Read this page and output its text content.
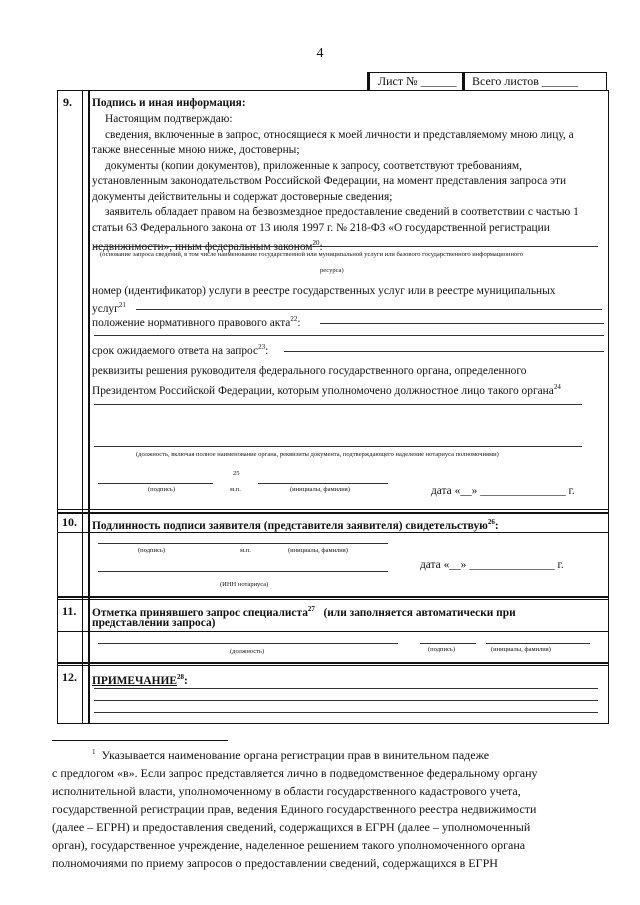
4
Лист № ______ Всего листов ______
9. Подпись и иная информация:
Настоящим подтверждаю:
сведения, включенные в запрос, относящиеся к моей личности и представляемому мною лицу, а
также внесенные мною ниже, достоверны;
документы (копии документов), приложенные к запросу, соответствуют требованиям,
установленным законодательством Российской Федерации, на момент представления запроса эти
документы действительны и содержат достоверные сведения;
заявитель обладает правом на безвозмездное предоставление сведений в соответствии с частью 1
статьи 63 Федерального закона от 13 июля 1997 г. № 218-ФЗ «О государственной регистрации
недвижимости», иным федеральным законом$^{20}$:
(основание запроса сведений, в том числе наименование государственной или муниципальной услуги или базового государственного информационного
ресурса)
номер (идентификатор) услуги в реестре государственных услуг или в реестре муниципальных
услуг$^{21}$
положение нормативного правового акта$^{22}$:
срок ожидаемого ответа на запрос$^{23}$:
реквизиты решения руководителя федерального государственного органа, определенного
Президентом Российской Федерации, которым уполномочено должностное лицо такого органа$^{24}$
(должность, включая полное наименование органа, реквизиты документа, подтверждающего наделение нотариуса полномочиями)
25
(подпись)	м.п.	(инициалы, фамилия)	дата «__» _______________ г.
10. Подлинность подписи заявителя (представителя заявителя) свидетельствую$^{26}$:
(подпись)	м.п.	(инициалы, фамилия)
дата «__» _______________ г.
(ИНН нотариуса)
11. Отметка принявшего запрос специалиста$^{27}$ (или заполняется автоматически при
представлении запроса)
(должность)	(подпись)	(инициалы, фамилия)
12. ПРИМЕЧАНИЕ$^{28}$:
$^1$ Указывается наименование органа регистрации прав в винительном падеже
с предлогом «в». Если запрос представляется лично в подведомственное федеральному органу
исполнительной власти, уполномоченному в области государственного кадастрового учета,
государственной регистрации прав, ведения Единого государственного реестра недвижимости
(далее – ЕГРН) и предоставления сведений, содержащихся в ЕГРН (далее – уполномоченный
орган), государственное учреждение, наделенное решением такого уполномоченного органа
полномочиями по приему запросов о предоставлении сведений, содержащихся в ЕГРН
